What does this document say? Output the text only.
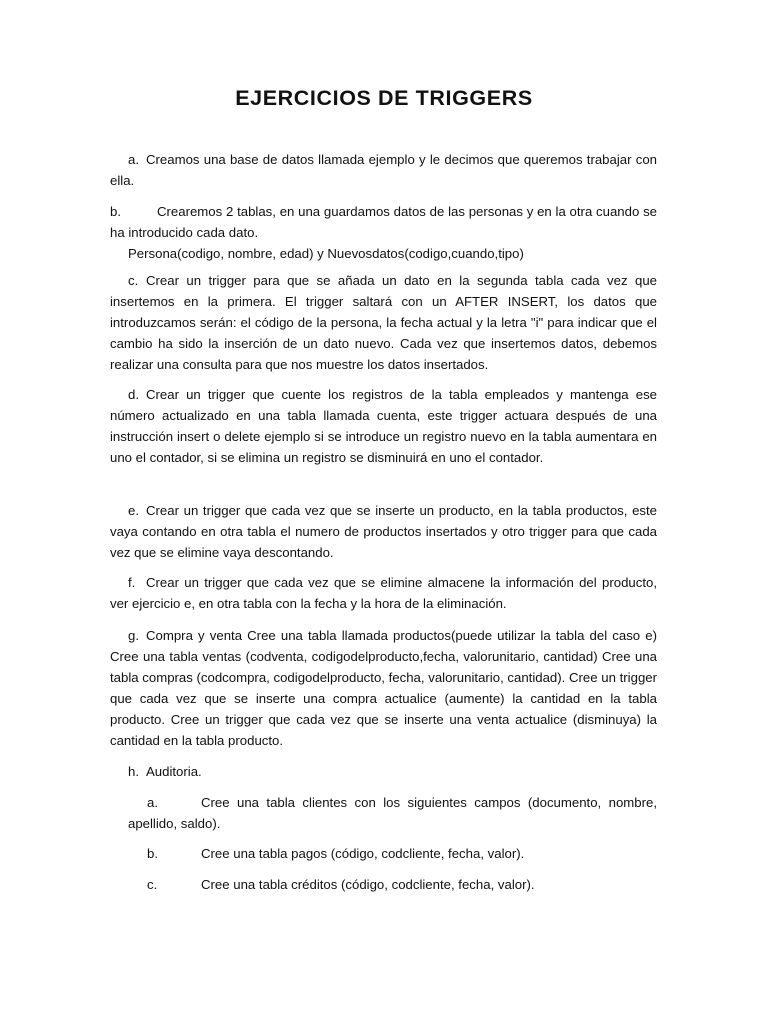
EJERCICIOS DE TRIGGERS

a. Creamos una base de datos llamada ejemplo y le decimos que queremos trabajar con ella.

b.	Crearemos 2 tablas, en una guardamos datos de las personas y en la otra cuando se ha introducido cada dato.
Persona(codigo, nombre, edad) y Nuevosdatos(codigo,cuando,tipo)

c. Crear un trigger para que se añada un dato en la segunda tabla cada vez que insertemos en la primera. El trigger saltará con un AFTER INSERT, los datos que introduzcamos serán: el código de la persona, la fecha actual y la letra "i" para indicar que el cambio ha sido la inserción de un dato nuevo. Cada vez que insertemos datos, debemos realizar una consulta para que nos muestre los datos insertados.

d. Crear un trigger que cuente los registros de la tabla empleados y mantenga ese número actualizado en una tabla llamada cuenta, este trigger actuara después de una instrucción insert o delete ejemplo si se introduce un registro nuevo en la tabla aumentara en uno el contador, si se elimina un registro se disminuirá en uno el contador.

e. Crear un trigger que cada vez que se inserte un producto, en la tabla productos, este vaya contando en otra tabla el numero de productos insertados y otro trigger para que cada vez que se elimine vaya descontando.

f. Crear un trigger que cada vez que se elimine almacene la información del producto, ver ejercicio e, en otra tabla con la fecha y la hora de la eliminación.

g. Compra y venta Cree una tabla llamada productos(puede utilizar la tabla del caso e) Cree una tabla ventas (codventa, codigodelproducto,fecha, valorunitario, cantidad) Cree una tabla compras (codcompra, codigodelproducto, fecha, valorunitario, cantidad). Cree un trigger que cada vez que se inserte una compra actualice (aumente) la cantidad en la tabla producto. Cree un trigger que cada vez que se inserte una venta actualice (disminuya) la cantidad en la tabla producto.

h. Auditoria.

a.	Cree una tabla clientes con los siguientes campos (documento, nombre, apellido, saldo).

b.	Cree una tabla pagos (código, codcliente, fecha, valor).

c.	Cree una tabla créditos (código, codcliente, fecha, valor).
